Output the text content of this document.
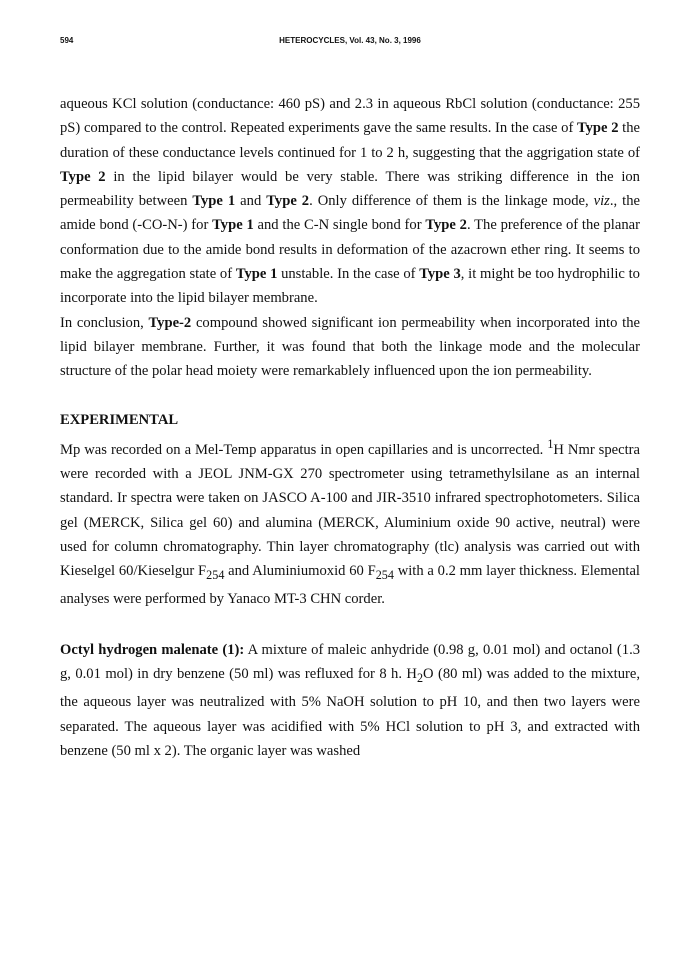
594	HETEROCYCLES, Vol. 43, No. 3, 1996

aqueous KCl solution (conductance: 460 pS) and 2.3 in aqueous RbCl solution (conductance: 255 pS) compared to the control. Repeated experiments gave the same results. In the case of Type 2 the duration of these conductance levels continued for 1 to 2 h, suggesting that the aggrigation state of Type 2 in the lipid bilayer would be very stable. There was striking difference in the ion permeability between Type 1 and Type 2. Only difference of them is the linkage mode, viz., the amide bond (-CO-N-) for Type 1 and the C-N single bond for Type 2. The preference of the planar conformation due to the amide bond results in deformation of the azacrown ether ring. It seems to make the aggregation state of Type 1 unstable. In the case of Type 3, it might be too hydrophilic to incorporate into the lipid bilayer membrane.

In conclusion, Type-2 compound showed significant ion permeability when incorporated into the lipid bilayer membrane. Further, it was found that both the linkage mode and the molecular structure of the polar head moiety were remarkablely influenced upon the ion permeability.

EXPERIMENTAL

Mp was recorded on a Mel-Temp apparatus in open capillaries and is uncorrected. $^1$H Nmr spectra were recorded with a JEOL JNM-GX 270 spectrometer using tetramethylsilane as an internal standard. Ir spectra were taken on JASCO A-100 and JIR-3510 infrared spectrophotometers. Silica gel (MERCK, Silica gel 60) and alumina (MERCK, Aluminium oxide 90 active, neutral) were used for column chromatography. Thin layer chromatography (tlc) analysis was carried out with Kieselgel 60/Kieselgur $F_{254}$ and Aluminiumoxid 60 $F_{254}$ with a 0.2 mm layer thickness. Elemental analyses were performed by Yanaco MT-3 CHN corder.

Octyl hydrogen malenate (1): A mixture of maleic anhydride (0.98 g, 0.01 mol) and octanol (1.3 g, 0.01 mol) in dry benzene (50 ml) was refluxed for 8 h. $H_2O$ (80 ml) was added to the mixture, the aqueous layer was neutralized with 5% NaOH solution to pH 10, and then two layers were separated. The aqueous layer was acidified with 5% HCl solution to pH 3, and extracted with benzene (50 ml x 2). The organic layer was washed
